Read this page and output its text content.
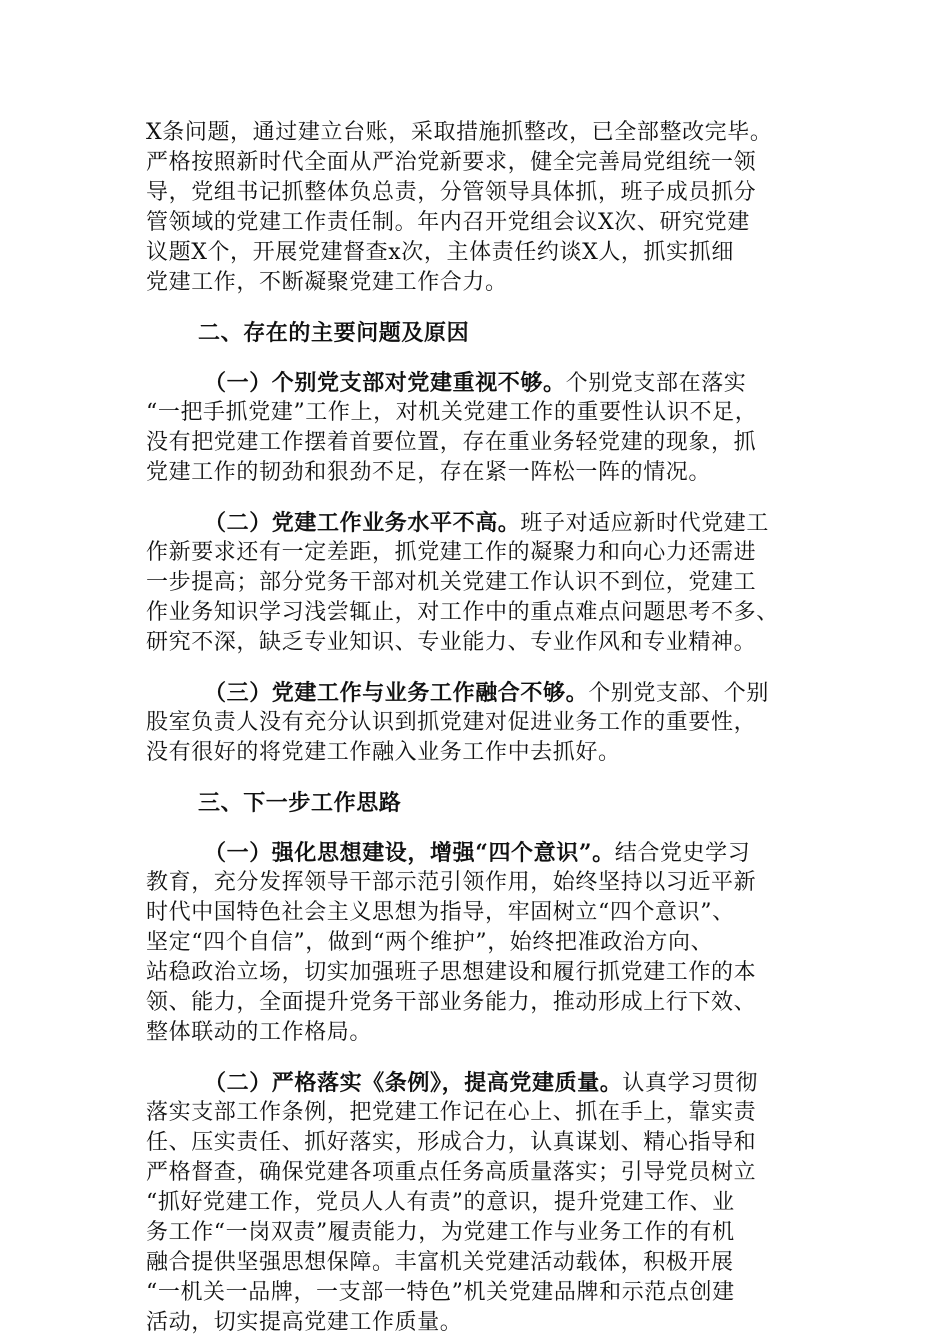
X条问题，通过建立台账，采取措施抓整改，已全部整改完毕。
严格按照新时代全面从严治党新要求，健全完善局党组统一领
导，党组书记抓整体负总责，分管领导具体抓，班子成员抓分
管领域的党建工作责任制。年内召开党组会议X次、研究党建
议题X个，开展党建督查x次，主体责任约谈X人，抓实抓细
党建工作，不断凝聚党建工作合力。
二、存在的主要问题及原因
（一）个别党支部对党建重视不够。个别党支部在落实
“一把手抓党建”工作上，对机关党建工作的重要性认识不足，
没有把党建工作摆着首要位置，存在重业务轻党建的现象，抓
党建工作的韧劲和狠劲不足，存在紧一阵松一阵的情况。
（二）党建工作业务水平不高。班子对适应新时代党建工
作新要求还有一定差距，抓党建工作的凝聚力和向心力还需进
一步提高；部分党务干部对机关党建工作认识不到位，党建工
作业务知识学习浅尝辄止，对工作中的重点难点问题思考不多、
研究不深，缺乏专业知识、专业能力、专业作风和专业精神。
（三）党建工作与业务工作融合不够。个别党支部、个别
股室负责人没有充分认识到抓党建对促进业务工作的重要性，
没有很好的将党建工作融入业务工作中去抓好。
三、下一步工作思路
（一）强化思想建设，增强“四个意识”。结合党史学习
教育，充分发挥领导干部示范引领作用，始终坚持以习近平新
时代中国特色社会主义思想为指导，牢固树立“四个意识”、
坚定“四个自信”，做到“两个维护”，始终把准政治方向、
站稳政治立场，切实加强班子思想建设和履行抓党建工作的本
领、能力，全面提升党务干部业务能力，推动形成上行下效、
整体联动的工作格局。
（二）严格落实《条例》，提高党建质量。认真学习贯彻
落实支部工作条例，把党建工作记在心上、抓在手上，靠实责
任、压实责任、抓好落实，形成合力，认真谋划、精心指导和
严格督查，确保党建各项重点任务高质量落实；引导党员树立
“抓好党建工作，党员人人有责”的意识，提升党建工作、业
务工作“一岗双责”履责能力，为党建工作与业务工作的有机
融合提供坚强思想保障。丰富机关党建活动载体，积极开展
“一机关一品牌，一支部一特色”机关党建品牌和示范点创建
活动，切实提高党建工作质量。
